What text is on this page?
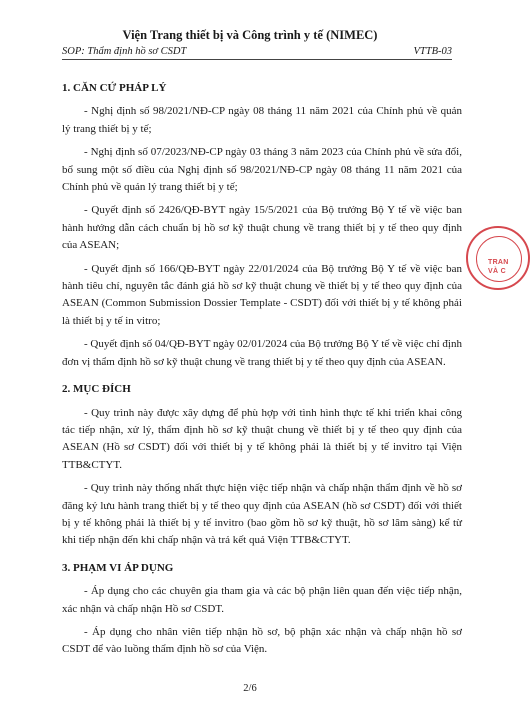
Viện Trang thiết bị và Công trình y tế (NIMEC)
SOP: Thẩm định hồ sơ CSDT	VTTB-03
1. CĂN CỨ PHÁP LÝ
- Nghị định số 98/2021/NĐ-CP ngày 08 tháng 11 năm 2021 của Chính phủ về quản lý trang thiết bị y tế;
- Nghị định số 07/2023/NĐ-CP ngày 03 tháng 3 năm 2023 của Chính phủ về sửa đổi, bổ sung một số điều của Nghị định số 98/2021/NĐ-CP ngày 08 tháng 11 năm 2021 của Chính phủ về quản lý trang thiết bị y tế;
- Quyết định số 2426/QĐ-BYT ngày 15/5/2021 của Bộ trưởng Bộ Y tế về việc ban hành hướng dẫn cách chuẩn bị hồ sơ kỹ thuật chung về trang thiết bị y tế theo quy định của ASEAN;
- Quyết định số 166/QĐ-BYT ngày 22/01/2024 của Bộ trưởng Bộ Y tế về việc ban hành tiêu chí, nguyên tắc đánh giá hồ sơ kỹ thuật chung về thiết bị y tế theo quy định của ASEAN (Common Submission Dossier Template - CSDT) đối với thiết bị y tế không phải là thiết bị y tế in vitro;
- Quyết định số 04/QĐ-BYT ngày 02/01/2024 của Bộ trưởng Bộ Y tế về việc chỉ định đơn vị thẩm định hồ sơ kỹ thuật chung về trang thiết bị y tế theo quy định của ASEAN.
2. MỤC ĐÍCH
- Quy trình này được xây dựng để phù hợp với tình hình thực tế khi triển khai công tác tiếp nhận, xử lý, thẩm định hồ sơ kỹ thuật chung về thiết bị y tế theo quy định của ASEAN (Hồ sơ CSDT) đối với thiết bị y tế không phải là thiết bị y tế invitro tại Viện TTB&CTYT.
- Quy trình này thống nhất thực hiện việc tiếp nhận và chấp nhận thẩm định về hồ sơ đăng ký lưu hành trang thiết bị y tế theo quy định của ASEAN (hồ sơ CSDT) đối với thiết bị y tế không phải là thiết bị y tế invitro (bao gồm hồ sơ kỹ thuật, hồ sơ lâm sàng) kể từ khi tiếp nhận đến khi chấp nhận và trả kết quả Viện TTB&CTYT.
3. PHẠM VI ÁP DỤNG
- Áp dụng cho các chuyên gia tham gia và các bộ phận liên quan đến việc tiếp nhận, xác nhận và chấp nhận Hồ sơ CSDT.
- Áp dụng cho nhân viên tiếp nhận hồ sơ, bộ phận xác nhận và chấp nhận hồ sơ CSDT để vào luồng thẩm định hồ sơ của Viện.
TRAN
VÀ C
2/6
